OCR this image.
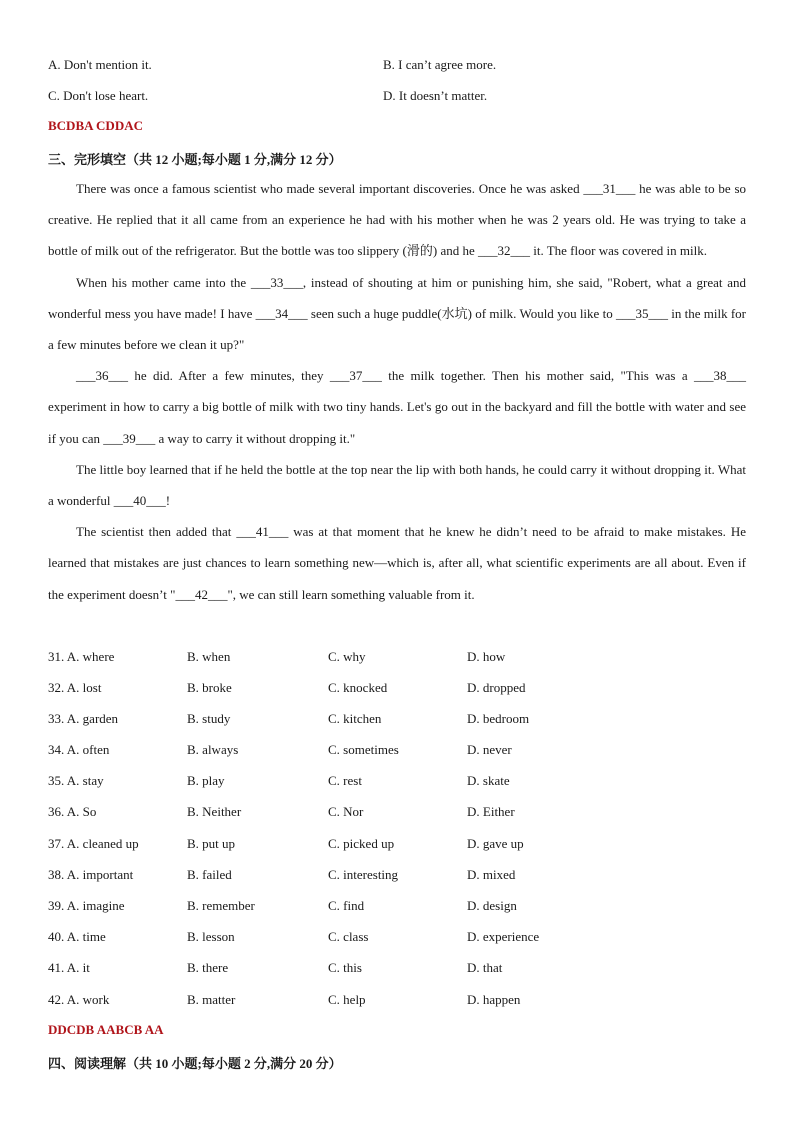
A. Don't mention it.	B. I can’t agree more.
C. Don't lose heart.	D. It doesn’t matter.
BCDBA CDDAC
三、完形填空（共 12 小题;每小题 1 分,满分 12 分）

There was once a famous scientist who made several important discoveries. Once he was asked ___31___ he was able to be so creative. He replied that it all came from an experience he had with his mother when he was 2 years old. He was trying to take a bottle of milk out of the refrigerator. But the bottle was too slippery (滑的) and he ___32___ it. The floor was covered in milk.

When his mother came into the ___33___, instead of shouting at him or punishing him, she said, "Robert, what a great and wonderful mess you have made! I have ___34___ seen such a huge puddle(水坑) of milk. Would you like to ___35___ in the milk for a few minutes before we clean it up?"

___36___ he did. After a few minutes, they ___37___ the milk together. Then his mother said, "This was a ___38___ experiment in how to carry a big bottle of milk with two tiny hands. Let's go out in the backyard and fill the bottle with water and see if you can ___39___ a way to carry it without dropping it."

The little boy learned that if he held the bottle at the top near the lip with both hands, he could carry it without dropping it. What a wonderful ___40___!

The scientist then added that ___41___ was at that moment that he knew he didn’t need to be afraid to make mistakes. He learned that mistakes are just chances to learn something new—which is, after all, what scientific experiments are all about. Even if the experiment doesn’t "___42___", we can still learn something valuable from it.

31. A. where	B. when	C. why	D. how
32. A. lost	B. broke	C. knocked	D. dropped
33. A. garden	B. study	C. kitchen	D. bedroom
34. A. often	B. always	C. sometimes	D. never
35. A. stay	B. play	C. rest	D. skate
36. A. So	B. Neither	C. Nor	D. Either
37. A. cleaned up	B. put up	C. picked up	D. gave up
38. A. important	B. failed	C. interesting	D. mixed
39. A. imagine	B. remember	C. find	D. design
40. A. time	B. lesson	C. class	D. experience
41. A. it	B. there	C. this	D. that
42. A. work	B. matter	C. help	D. happen
DDCDB AABCB AA
四、阅读理解（共 10 小题;每小题 2 分,满分 20 分）
